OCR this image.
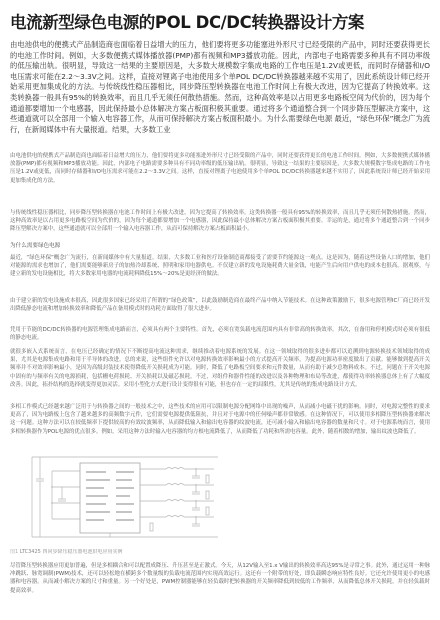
电流新型绿色电源的POL DC/DC转换器设计方案

由电池供电的便携式产品制造商也面临着日益增大的压力，他们要将更多功能塞进外形尺寸已经受限的产品中，同时还要获得更长的电池工作时间。例如，大多数便携式媒体播放器(PMP)都有视频和MP3播放功能。因此，内部电子电路需要多种具有不同功率级的低压输出轨。很明显，导致这一结果的主要原因是，大多数大规模数字集成电路的工作电压是1.2V或更低，而同时存储器和I/O电压需求可能在2.2～3.3V之间。这样，直接对锂离子电池使用多个单POL DC/DC转换器越来越不实用了，因此系统设计师已经开始采用更加集成化的方法。与传统线性稳压器相比，同步降压型转换器在电池工作时间上有极大改进，因为它提高了转换效率。这类转换器一般具有95%的转换效率，而且几乎无须任何散热措施。然而，这种高效率是以占用更多电路板空间为代价的，因为每个通道都要增加一个电感器，因此保持最小总体解决方案占板面积极其重要。通过将多个通道整合到一个同步降压型解决方案中，这些通道就可以全部用一个输入电容器工作，从而可保持解决方案占板面积最小。为什么需要绿色电源 最近，“绿色环保”概念广为流行，在新闻媒体中有大量报道。结果，大多数工业

由电池供电的便携式产品制造商也面临着日益增大的压力，他们要将更多功能塞进外形尺寸已经受限的产品中，同时还要获得更长的电池工作时间。例如，大多数便携式媒体播放器(PMP)都有视频和MP3播放功能。因此，内部电子电路需要多种具有不同功率级的低压输出轨。很明显，导致这一结果的主要原因是，大多数大规模数字集成电路的工作电压是1.2V或更低，而同时存储器和I/O电压需求可能在2.2～3.3V之间。这样，直接对锂离子电池使用多个单POL DC/DC转换器越来越不实用了，因此系统设计师已经开始采用更加集成化的方法。

与传统线性稳压器相比，同步降压型转换器在电池工作时间上有极大改进，因为它提高了转换效率。这类转换器一般具有95%的转换效率，而且几乎无须任何散热措施。然而，这种高效率是以占用更多电路板空间为代价的，因为每个通道都要增加一个电感器，因此保持最小总体解决方案占板面积极其重要。幸运的是，通过将多个通道整合到一个同步降压型解决方案中，这些通道就可以全部用一个输入电容器工作，从而可保持解决方案占板面积最小。

为什么需要绿色电源

最近，“绿色环保”概念广为流行，在新闻媒体中有大量报道。结果，大多数工业和医疗设备制造商都接受了需要节约能源这一观点。这是因为，随着这些设备人口的增加，他们对能源的需求也增加了，他们需要能够新房子的加热冷却系统、照明和家用电器供电。不仅建立新的发电设施耗费大量金钱，电能产生后向用户供电的成本也很高。据观察，与建立新的发电设施相比，将大多数家用电器的电流耗料降低15%～20%是更经济的做法。

由于建立新的发电设施成本很高，因此很多国家已经采用了所谓的“绿色政策”，以此鼓励制造商在最终产品中纳入节能技术。在这种政策激励下，很多电源管理IC厂商已经开发出降低静态电流和增加转换效率和降低产品在备用模式时的功耗方面取得了很大进步。

凭用于节能的DC/DC转换器的电源管理集成电路而言，必须具有两个主要特性。首先，必须在宽负载电流范围内具有非常高的转换效率。其次，在备用和停机模式时必须有很低的静态电流。

就很多嵌入式系统而言，在电压已经确定的情况下不断提高电流这种需求，继续推动着电源系统的发展。在这一领域取得的很多进步都可以追溯到电源转换技术领域取得的成果，尤其是电源集成电路和用于半导体的改进。总的来说，这些组件允许以对电源转换效率影响最小的方式提高开关频率，为提高电源功率密度做出了贡献。能够做到提高开关频率并不对效率影响最小，是因为高级封装技术使得降低开关损耗成为可能。同时，降低了电路板空间要求和元件数量，从而有助于减少总物料成本。不过，问题在于开关电源中固有的与频率有关的电源损耗，包括栅电荷损耗、开关损耗以及磁芯损耗。不过，对组件和器件性能的改进以及各种物理和布局等改进，都使得功率转换器总体上有了大幅度改善。因此，拓扑结构的选择就变得更加灵活。采用小型化方式进行设计变得很有可能，但也存在一定的局限性，尤其是传统的集成电路设计方式。

多相工作模式已经越来越广泛用于与转换器之间的一般技术之中，这些技术的应用可以限制电源分配网络中出现的噪声，从而减小电磁干扰的影响。同时，对电源完整性的要求更高了，因为电路板上包含了越来越多的高频数字元件，它们需要电源提供低阻抗，并且对于电源中的任何噪声都非常敏感。在这种情况下，可以使用多相降压型转换器来解决这一问题。这种方法可以在较低频率下提供较高的有效纹波频率，从而降低输入和输出电容器的纹波电流，还可减小输入和输出电容器的数量和尺寸。对于电源系统而言，使用多相转换器作为POL电源的优点很多。例如，采用这种方法时输入电容器的均方根电流降低了，从而降低了功耗和所需电容量。此外，随着相数的增加，输出纹波也降低了。

图1 LTC3425 四同步降压稳压器电池供电应用实例

尽管降压型转换器应用更加普遍，但是多相耦合和可以配置成降压、升压甚至是正激式。今天，从12V输入至1.x V输出的转换效率高达95%是寻常之事。此外，通过运用一种脉冲跳跃、脉宽调制(PWM)技术，还可以轻松地在横跨多个数量级的负载电流范围内实现高效运行。这还有一个附带的好处，即负载瞬态响应特性良好。它还允许使用更小的电感器和电容器，从而减小解决方案的尺寸和重量。另一个好处是，PWM控制器能够在轻负载时把转换器的开关频率降低到较低的工作频率，从而降低总体开关损耗，并在轻负载时提高效率。
